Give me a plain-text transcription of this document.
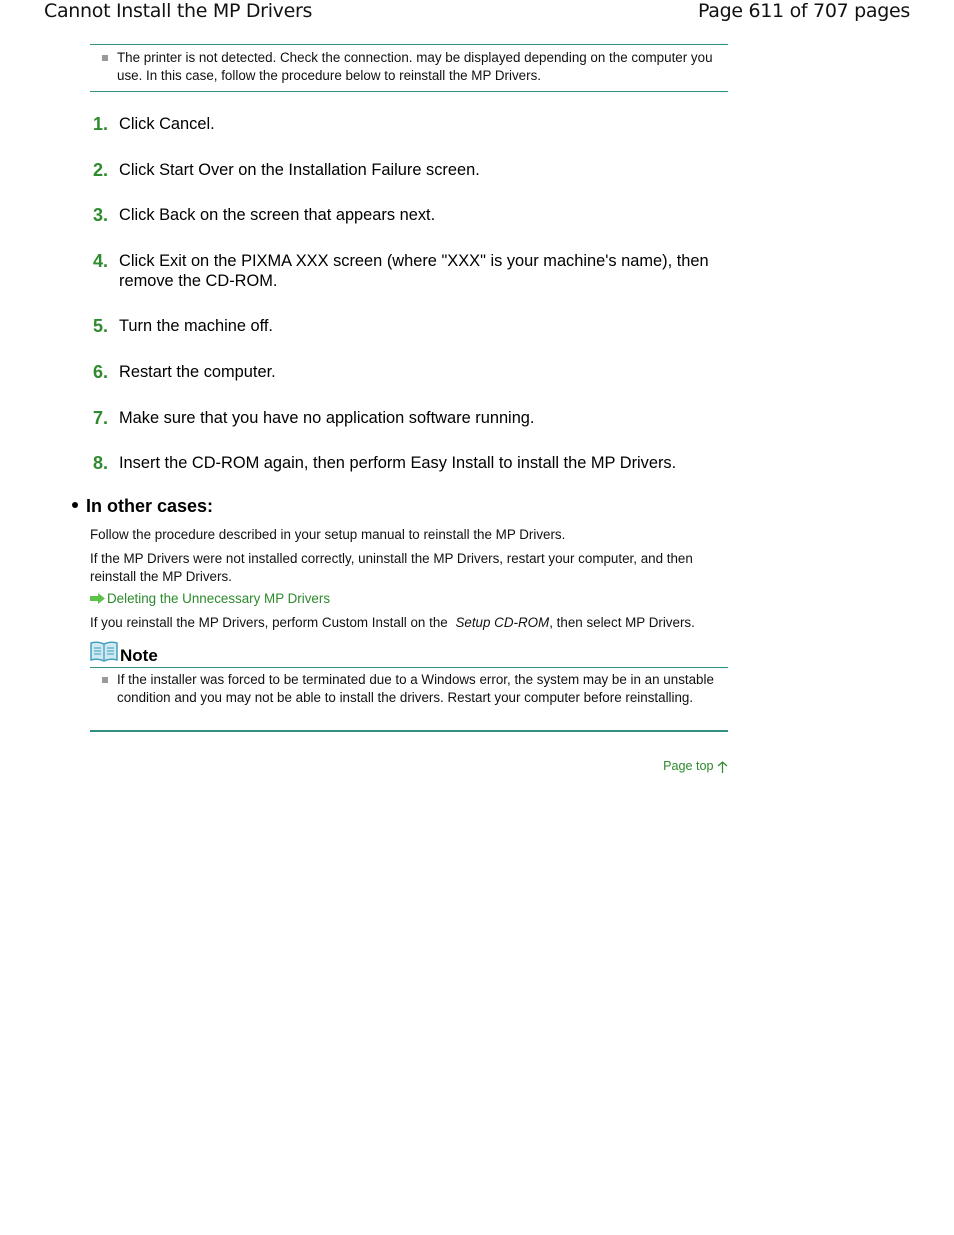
Cannot Install the MP Drivers	Page 611 of 707 pages
The printer is not detected. Check the connection. may be displayed depending on the computer you use. In this case, follow the procedure below to reinstall the MP Drivers.
1. Click Cancel.
2. Click Start Over on the Installation Failure screen.
3. Click Back on the screen that appears next.
4. Click Exit on the PIXMA XXX screen (where "XXX" is your machine's name), then remove the CD-ROM.
5. Turn the machine off.
6. Restart the computer.
7. Make sure that you have no application software running.
8. Insert the CD-ROM again, then perform Easy Install to install the MP Drivers.
In other cases:
Follow the procedure described in your setup manual to reinstall the MP Drivers.
If the MP Drivers were not installed correctly, uninstall the MP Drivers, restart your computer, and then reinstall the MP Drivers.
Deleting the Unnecessary MP Drivers
If you reinstall the MP Drivers, perform Custom Install on the Setup CD-ROM, then select MP Drivers.
Note
If the installer was forced to be terminated due to a Windows error, the system may be in an unstable condition and you may not be able to install the drivers. Restart your computer before reinstalling.
Page top
